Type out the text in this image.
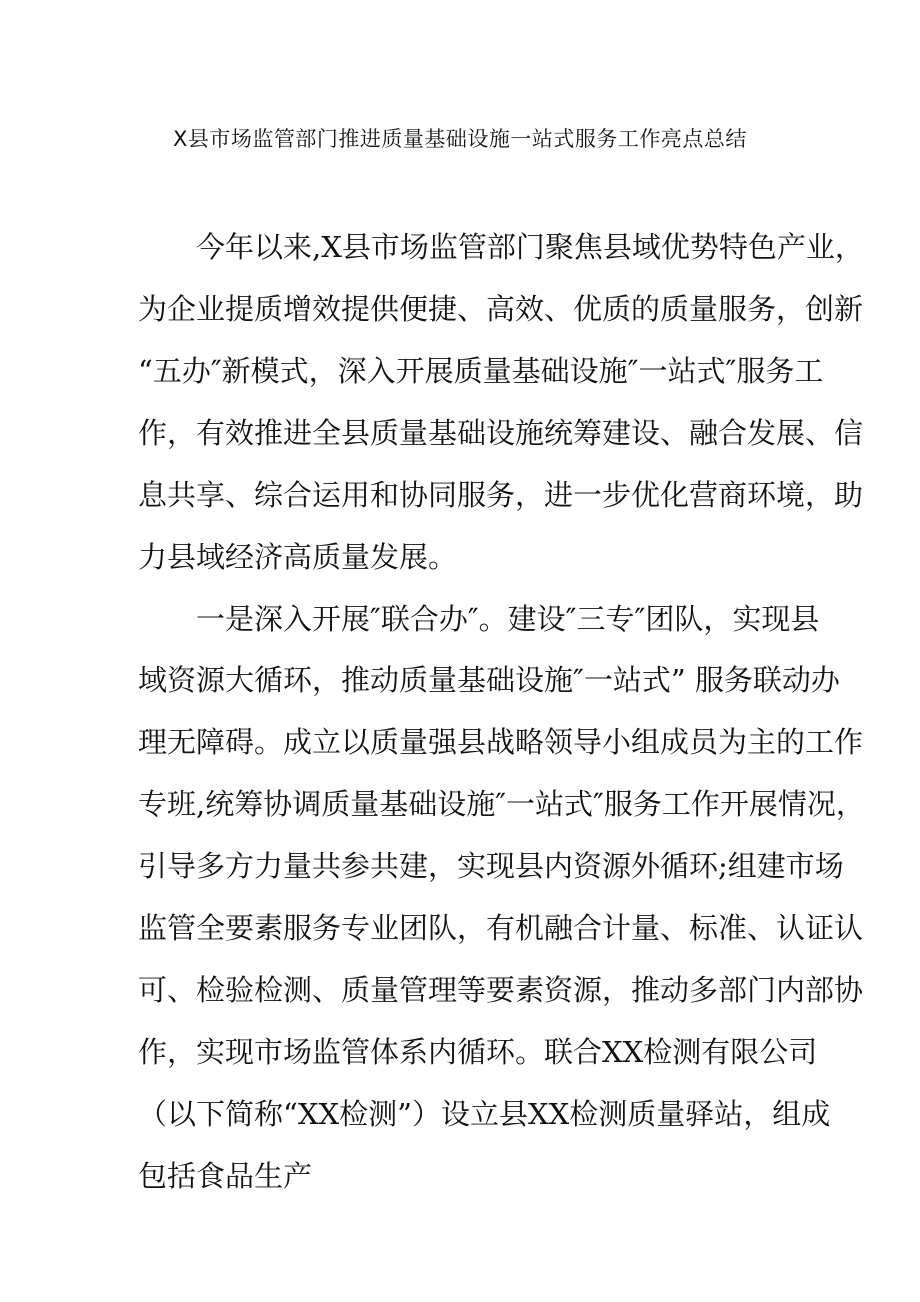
X县市场监管部门推进质量基础设施一站式服务工作亮点总结
今年以来,X县市场监管部门聚焦县域优势特色产业，
为企业提质增效提供便捷、高效、优质的质量服务，创新
“五办″新模式，深入开展质量基础设施″一站式″服务工
作，有效推进全县质量基础设施统筹建设、融合发展、信
息共享、综合运用和协同服务，进一步优化营商环境，助
力县域经济高质量发展。
一是深入开展″联合办″。建设″三专″团队，实现县
域资源大循环，推动质量基础设施″一站式” 服务联动办
理无障碍。成立以质量强县战略领导小组成员为主的工作
专班,统筹协调质量基础设施″一站式″服务工作开展情况，
引导多方力量共参共建，实现县内资源外循环;组建市场
监管全要素服务专业团队，有机融合计量、标准、认证认
可、检验检测、质量管理等要素资源，推动多部门内部协
作，实现市场监管体系内循环。联合XX检测有限公司
（以下简称“XX检测”）设立县XX检测质量驿站，组成
包括食品生产
